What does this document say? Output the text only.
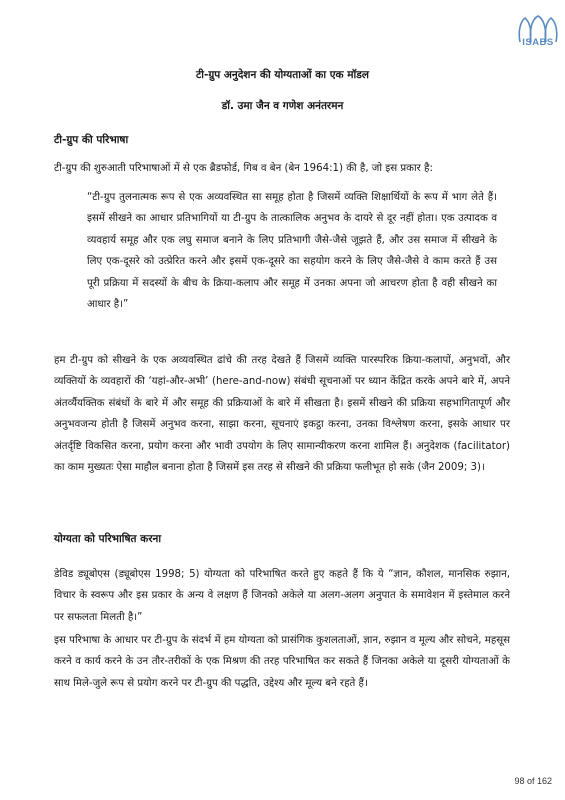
ISABS
टी-ग्रुप अनुदेशन की योग्यताओं का एक मॉडल
डॉ. उमा जैन व गणेश अनंतरमन
टी-ग्रुप की परिभाषा

टी-ग्रुप की शुरुआती परिभाषाओं में से एक ब्रैडफोर्ड, गिब व बेन (बेन 1964:1) की है, जो इस प्रकार है:

“टी-ग्रुप तुलनात्मक रूप से एक अव्यवस्थित सा समूह होता है जिसमें व्यक्ति शिक्षार्थियों के रूप में भाग लेते हैं। इसमें सीखने का आधार प्रतिभागियों या टी-ग्रुप के तात्कालिक अनुभव के दायरे से दूर नहीं होता। एक उत्पादक व व्यवहार्य समूह और एक लघु समाज बनाने के लिए प्रतिभागी जैसे-जैसे जूझते हैं, और उस समाज में सीखने के लिए एक-दूसरे को उत्प्रेरित करने और इसमें एक-दूसरे का सहयोग करने के लिए जैसे-जैसे वे काम करते हैं उस पूरी प्रक्रिया में सदस्यों के बीच के क्रिया-कलाप और समूह में उनका अपना जो आचरण होता है वही सीखने का आधार है।”

हम टी-ग्रुप को सीखने के एक अव्यवस्थित ढांचे की तरह देखते हैं जिसमें व्यक्ति पारस्परिक क्रिया-कलापों, अनुभवों, और व्यक्तियों के व्यवहारों की ‘यहां-और-अभी’ (here-and-now) संबंधी सूचनाओं पर ध्यान केंद्रित करके अपने बारे में, अपने अंतर्व्यैयक्तिक संबंधों के बारे में और समूह की प्रक्रियाओं के बारे में सीखता है। इसमें सीखने की प्रक्रिया सहभागितापूर्ण और अनुभवजन्य होती है जिसमें अनुभव करना, साझा करना, सूचनाएं इकट्ठा करना, उनका विश्लेषण करना, इसके आधार पर अंतर्दृष्टि विकसित करना, प्रयोग करना और भावी उपयोग के लिए सामान्यीकरण करना शामिल हैं। अनुदेशक (facilitator) का काम मुख्यतः ऐसा माहौल बनाना होता है जिसमें इस तरह से सीखने की प्रक्रिया फलीभूत हो सके (जैन 2009; 3)।

योग्यता को परिभाषित करना

डेविड ड्यूबोएस (ड्यूबोएस 1998; 5) योग्यता को परिभाषित करते हुए कहते हैं कि ये “ज्ञान, कौशल, मानसिक रुझान, विचार के स्वरूप और इस प्रकार के अन्य वे लक्षण हैं जिनको अकेले या अलग-अलग अनुपात के समावेशन में इस्तेमाल करने पर सफलता मिलती है।”

इस परिभाषा के आधार पर टी-ग्रुप के संदर्भ में हम योग्यता को प्रासंगिक कुशलताओं, ज्ञान, रुझान व मूल्य और सोचने, महसूस करने व कार्य करने के उन तौर-तरीकों के एक मिश्रण की तरह परिभाषित कर सकते हैं जिनका अकेले या दूसरी योग्यताओं के साथ मिले-जुले रूप से प्रयोग करने पर टी-ग्रुप की पद्धति, उद्देश्य और मूल्य बने रहते हैं।

98 of 162
